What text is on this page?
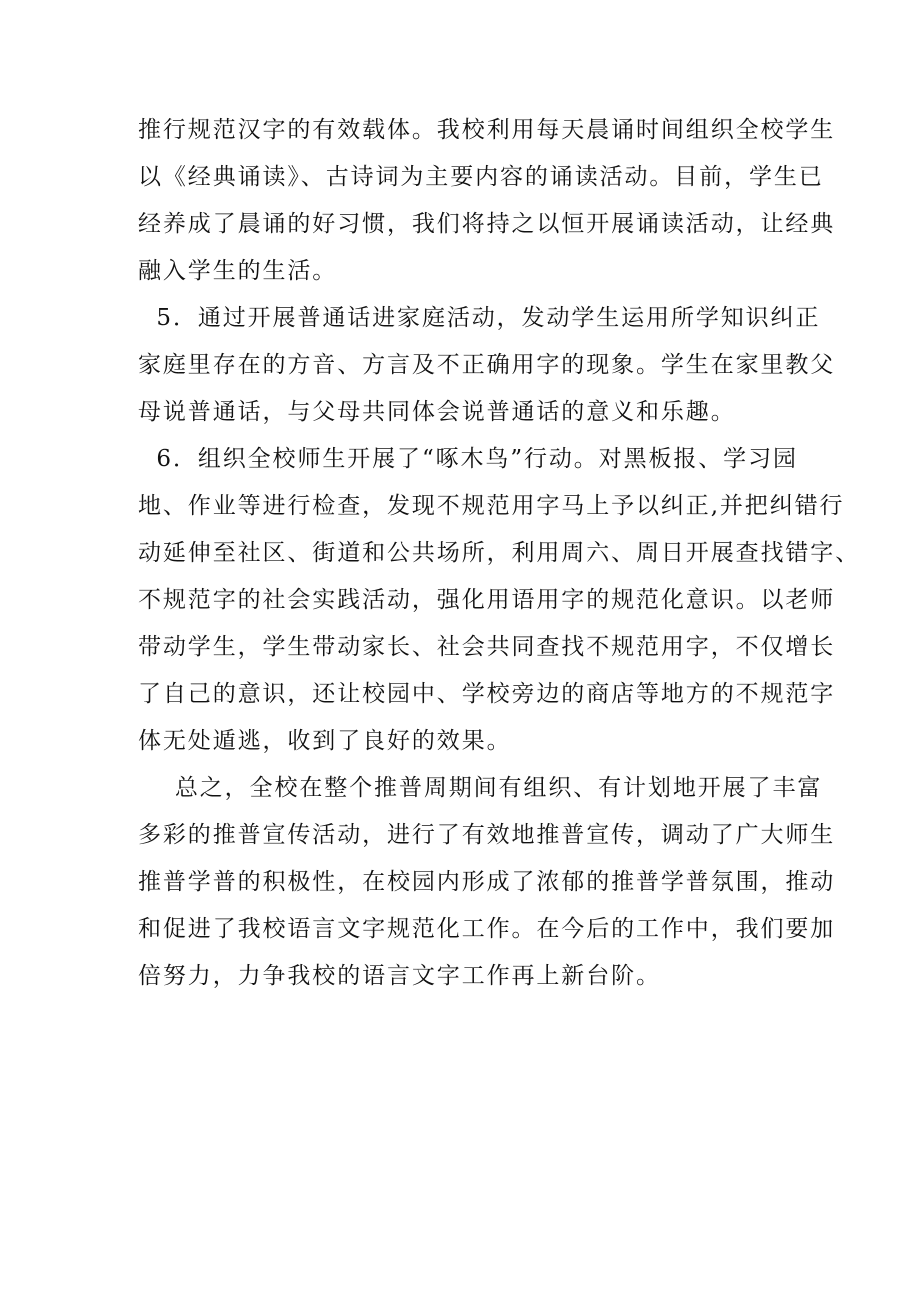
推行规范汉字的有效载体。我校利用每天晨诵时间组织全校学生
以《经典诵读》、古诗词为主要内容的诵读活动。目前，学生已
经养成了晨诵的好习惯，我们将持之以恒开展诵读活动，让经典
融入学生的生活。
5．通过开展普通话进家庭活动，发动学生运用所学知识纠正
家庭里存在的方音、方言及不正确用字的现象。学生在家里教父
母说普通话，与父母共同体会说普通话的意义和乐趣。
6．组织全校师生开展了“啄木鸟”行动。对黑板报、学习园
地、作业等进行检查，发现不规范用字马上予以纠正,并把纠错行
动延伸至社区、街道和公共场所，利用周六、周日开展查找错字、
不规范字的社会实践活动，强化用语用字的规范化意识。以老师
带动学生，学生带动家长、社会共同查找不规范用字，不仅增长
了自己的意识，还让校园中、学校旁边的商店等地方的不规范字
体无处遁逃，收到了良好的效果。
总之，全校在整个推普周期间有组织、有计划地开展了丰富
多彩的推普宣传活动，进行了有效地推普宣传，调动了广大师生
推普学普的积极性，在校园内形成了浓郁的推普学普氛围，推动
和促进了我校语言文字规范化工作。在今后的工作中，我们要加
倍努力，力争我校的语言文字工作再上新台阶。
